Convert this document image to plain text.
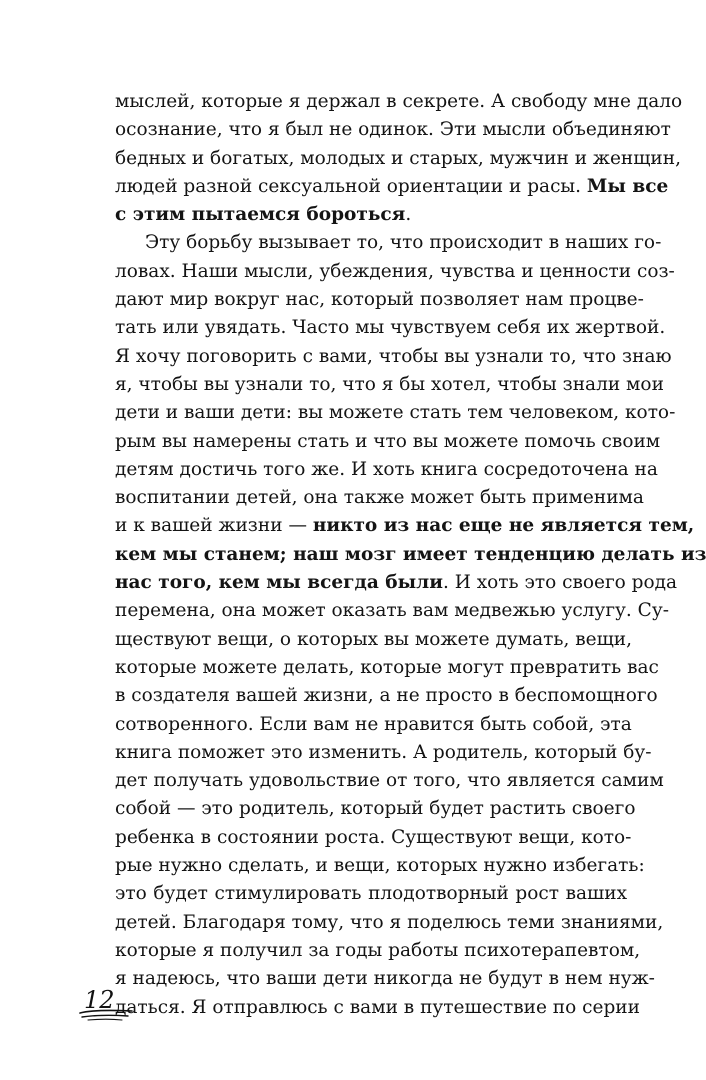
мыслей, которые я держал в секрете. А свободу мне дало
осознание, что я был не одинок. Эти мысли объединяют
бедных и богатых, молодых и старых, мужчин и женщин,
людей разной сексуальной ориентации и расы. Мы все
с этим пытаемся бороться.
Эту борьбу вызывает то, что происходит в наших го-
ловах. Наши мысли, убеждения, чувства и ценности соз-
дают мир вокруг нас, который позволяет нам процве-
тать или увядать. Часто мы чувствуем себя их жертвой.
Я хочу поговорить с вами, чтобы вы узнали то, что знаю
я, чтобы вы узнали то, что я бы хотел, чтобы знали мои
дети и ваши дети: вы можете стать тем человеком, кото-
рым вы намерены стать и что вы можете помочь своим
детям достичь того же. И хоть книга сосредоточена на
воспитании детей, она также может быть применима
и к вашей жизни — никто из нас еще не является тем,
кем мы станем; наш мозг имеет тенденцию делать из
нас того, кем мы всегда были. И хоть это своего рода
перемена, она может оказать вам медвежью услугу. Су-
ществуют вещи, о которых вы можете думать, вещи,
которые можете делать, которые могут превратить вас
в создателя вашей жизни, а не просто в беспомощного
сотворенного. Если вам не нравится быть собой, эта
книга поможет это изменить. А родитель, который бу-
дет получать удовольствие от того, что является самим
собой — это родитель, который будет растить своего
ребенка в состоянии роста. Существуют вещи, кото-
рые нужно сделать, и вещи, которых нужно избегать:
это будет стимулировать плодотворный рост ваших
детей. Благодаря тому, что я поделюсь теми знаниями,
которые я получил за годы работы психотерапевтом,
я надеюсь, что ваши дети никогда не будут в нем нуж-
даться. Я отправлюсь с вами в путешествие по серии
12
